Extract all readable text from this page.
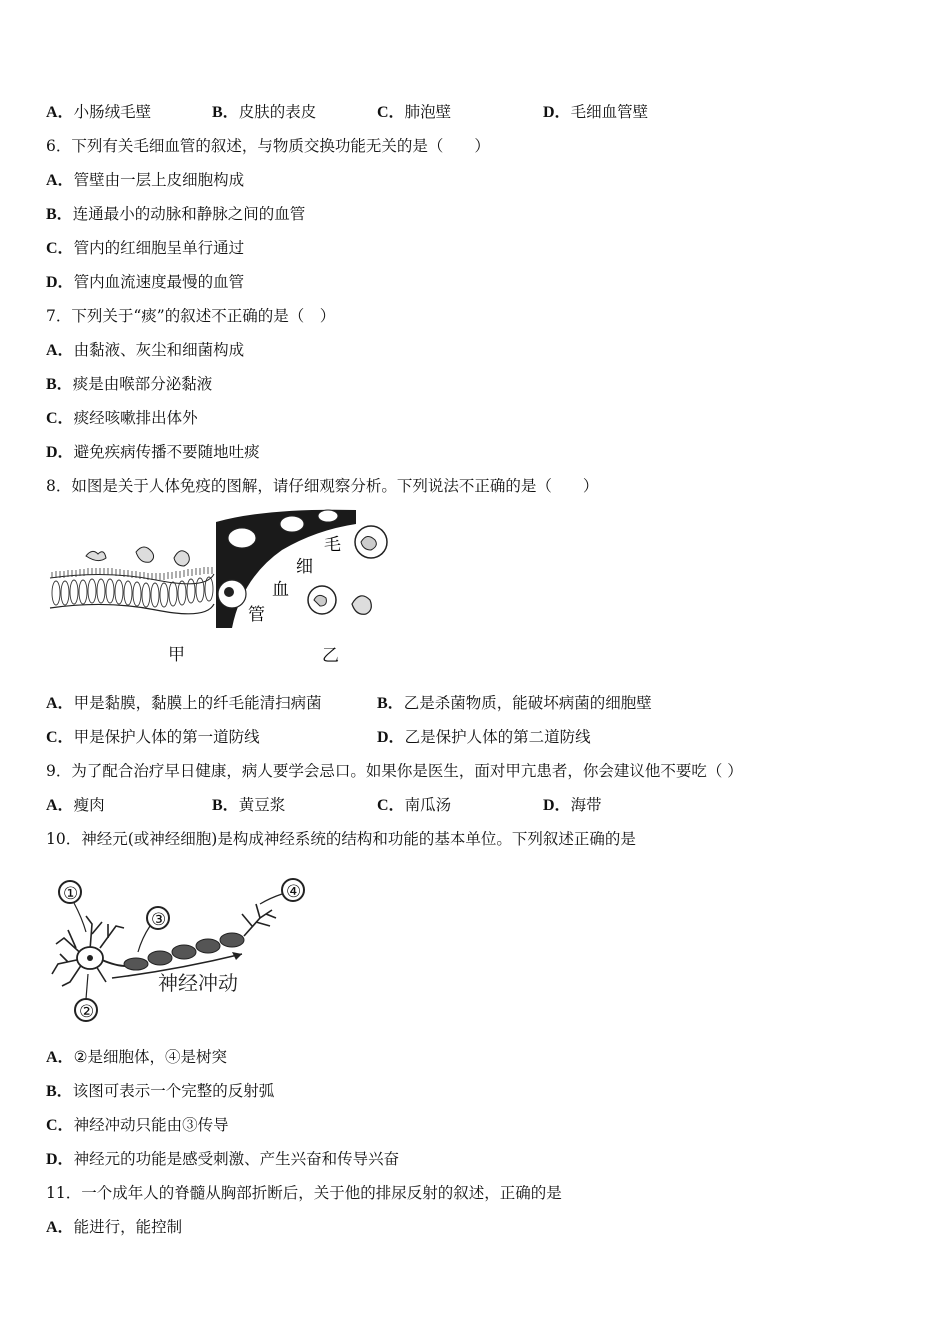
A．小肠绒毛壁	B．皮肤的表皮	C．肺泡壁	D．毛细血管壁
6．下列有关毛细血管的叙述，与物质交换功能无关的是（　　）
A．管壁由一层上皮细胞构成
B．连通最小的动脉和静脉之间的血管
C．管内的红细胞呈单行通过
D．管内血流速度最慢的血管
7．下列关于“痰”的叙述不正确的是（　）
A．由黏液、灰尘和细菌构成
B．痰是由喉部分泌黏液
C．痰经咳嗽排出体外
D．避免疾病传播不要随地吐痰
8．如图是关于人体免疫的图解，请仔细观察分析。下列说法不正确的是（　　）
毛
细
血
管
甲	乙
A．甲是黏膜，黏膜上的纤毛能清扫病菌	B．乙是杀菌物质，能破坏病菌的细胞壁
C．甲是保护人体的第一道防线	D．乙是保护人体的第二道防线
9．为了配合治疗早日健康，病人要学会忌口。如果你是医生，面对甲亢患者，你会建议他不要吃（ ）
A．瘦肉	B．黄豆浆	C．南瓜汤	D．海带
10．神经元(或神经细胞)是构成神经系统的结构和功能的基本单位。下列叙述正确的是
①
③
④
②
神经冲动
A．②是细胞体，④是树突
B．该图可表示一个完整的反射弧
C．神经冲动只能由③传导
D．神经元的功能是感受刺激、产生兴奋和传导兴奋
11．一个成年人的脊髓从胸部折断后，关于他的排尿反射的叙述，正确的是
A．能进行，能控制
